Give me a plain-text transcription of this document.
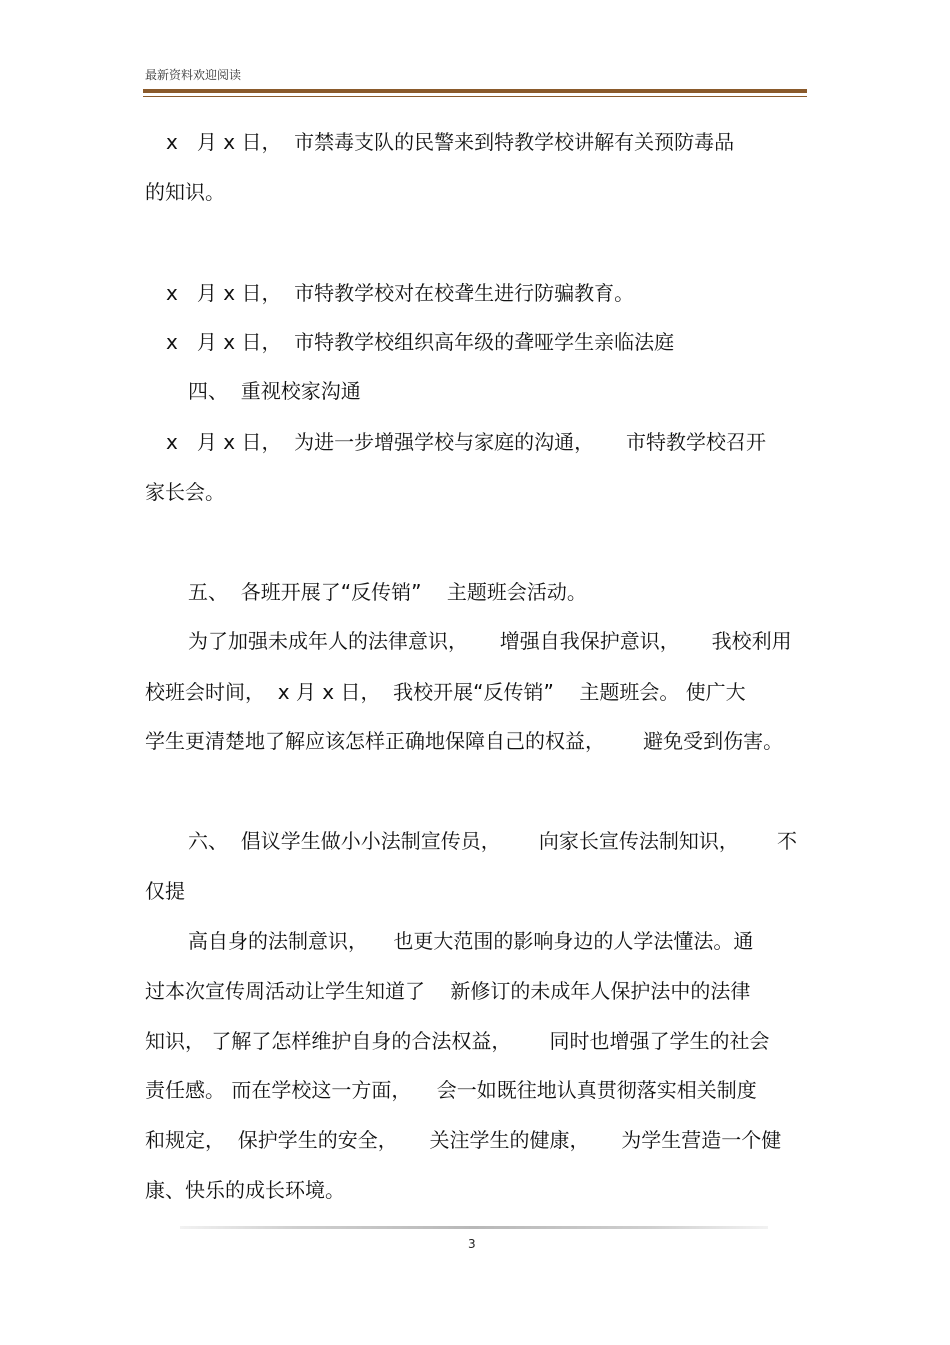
最新资料欢迎阅读
x   月 x 日，  市禁毒支队的民警来到特教学校讲解有关预防毒品
的知识。
x   月 x 日，  市特教学校对在校聋生进行防骗教育。
x   月 x 日，  市特教学校组织高年级的聋哑学生亲临法庭
四、  重视校家沟通
x   月 x 日，  为进一步增强学校与家庭的沟通，     市特教学校召开
家长会。
五、  各班开展了“反传销”    主题班会活动。
为了加强未成年人的法律意识，     增强自我保护意识，     我校利用
校班会时间，  x 月 x 日，  我校开展“反传销”    主题班会。 使广大
学生更清楚地了解应该怎样正确地保障自己的权益，      避免受到伤害。
六、  倡议学生做小小法制宣传员，      向家长宣传法制知识，      不
仅提
高自身的法制意识，    也更大范围的影响身边的人学法懂法。通
过本次宣传周活动让学生知道了    新修订的未成年人保护法中的法律
知识， 了解了怎样维护自身的合法权益，      同时也增强了学生的社会
责任感。 而在学校这一方面，    会一如既往地认真贯彻落实相关制度
和规定，  保护学生的安全，     关注学生的健康，     为学生营造一个健
康、快乐的成长环境。
3
